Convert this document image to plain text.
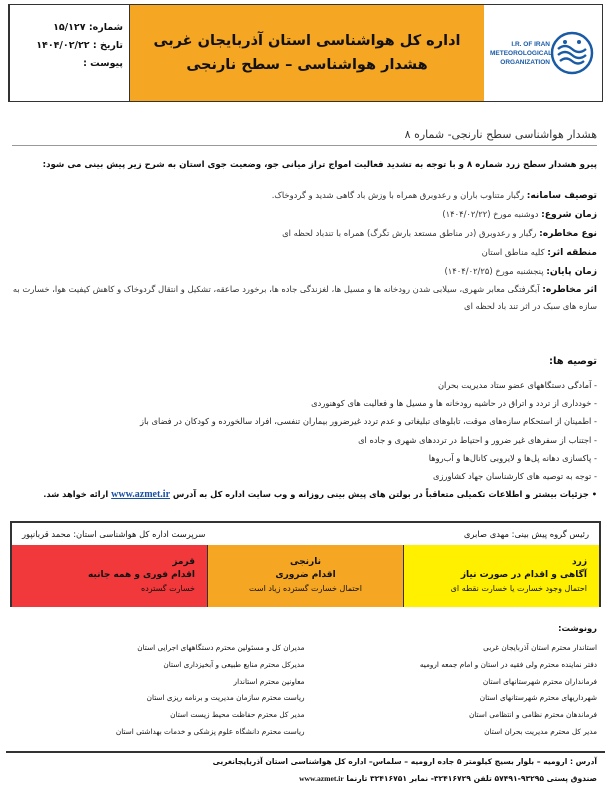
شماره: ۱۵/۱۲۷
تاریخ : ۱۴۰۴/۰۲/۲۲
پیوست :
اداره کل هواشناسی استان آذربایجان غربی
هشدار هواشناسی – سطح نارنجی
I.R. OF IRAN
METEOROLOGICAL
ORGANIZATION
هشدار هواشناسی سطح نارنجی- شماره ۸
پیرو هشدار سطح زرد شماره ۸ و با توجه به تشدید فعالیت امواج تراز میانی جو، وضعیت جوی استان به شرح زیر پیش بینی می شود:
توصیف سامانه: رگبار متناوب باران و رعدوبرق همراه با وزش باد گاهی شدید و گردوخاک.
زمان شروع: دوشنبه مورخ (۱۴۰۴/۰۲/۲۲)
نوع مخاطره: رگبار و رعدوبرق (در مناطق مستعد بارش تگرگ) همراه با تندباد لحظه ای
منطقه اثر: کلیه مناطق استان
زمان پایان: پنجشنبه مورخ (۱۴۰۴/۰۲/۲۵)
اثر مخاطره: آبگرفتگی معابر شهری، سیلابی شدن رودخانه ها و مسیل ها، لغزندگی جاده ها، برخورد صاعقه، تشکیل و انتقال گردوخاک و کاهش کیفیت هوا، خسارت به سازه های سبک در اثر تند باد لحظه ای
توصیه ها:
- آمادگی دستگاههای عضو ستاد مدیریت بحران
- خودداری از تردد و اتراق در حاشیه رودخانه ها و مسیل ها و فعالیت های کوهنوردی
- اطمینان از استحکام سازه‌های موقت، تابلوهای تبلیغاتی و عدم تردد غیرضرور بیماران تنفسی، افراد سالخورده و کودکان در فضای باز
- اجتناب از سفرهای غیر ضرور و احتیاط در ترددهای شهری و جاده ای
- پاکسازی دهانه پل‌ها و لایروبی کانال‌ها و آب‌روها
- توجه به توصیه های کارشناسان جهاد کشاورزی
• جزئیات بیشتر و اطلاعات تکمیلی متعاقباً در بولتن های پیش بینی روزانه و وب سایت اداره کل به آدرس www.azmet.ir ارائه خواهد شد.
رئیس گروه پیش بینی: مهدی صابری
سرپرست اداره کل هواشناسی استان: محمد قربانپور
زرد
آگاهی و اقدام در صورت نیاز
احتمال وجود خسارت یا خسارت نقطه ای
نارنجی
اقدام ضروری
احتمال خسارت گسترده زیاد است
قرمز
اقدام فوری و همه جانبه
خسارت گسترده
رونوشت:
استاندار محترم استان آذربایجان غربی
دفتر نماینده محترم ولی فقیه در استان و امام جمعه ارومیه
فرمانداران محترم شهرستانهای استان
شهرداریهای محترم شهرستانهای استان
فرماندهان محترم نظامی و انتظامی استان
مدیر کل محترم مدیریت بحران استان
مدیران کل و مسئولین محترم دستگاههای اجرایی استان
مدیرکل محترم منابع طبیعی و آبخیزداری استان
معاونین محترم استاندار
ریاست محترم سازمان مدیریت و برنامه ریزی استان
مدیر کل محترم حفاظت محیط زیست استان
ریاست محترم دانشگاه علوم پزشکی و خدمات بهداشتی استان
آدرس : ارومیه – بلوار بسیج کیلومتر ۵ جاده ارومیه – سلماس– اداره کل هواشناسی استان آذربایجانغربی
صندوق پستی ۹۳۲۹۵-۵۷۴۹۱ تلفن ۳۲۴۱۶۷۲۹- نمابر ۳۲۴۱۶۷۵۱ تارنما www.azmet.ir
